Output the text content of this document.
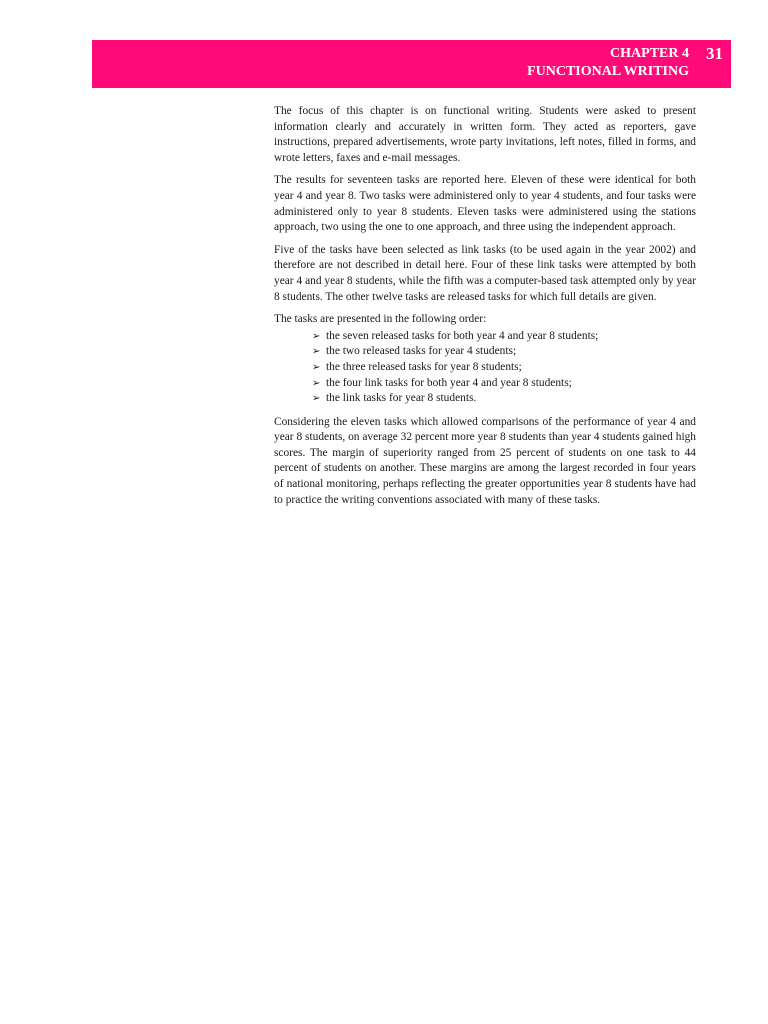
CHAPTER 4
FUNCTIONAL WRITING
31

The focus of this chapter is on functional writing. Students were asked to present information clearly and accurately in written form. They acted as reporters, gave instructions, prepared advertisements, wrote party invitations, left notes, filled in forms, and wrote letters, faxes and e-mail messages.

The results for seventeen tasks are reported here. Eleven of these were identical for both year 4 and year 8. Two tasks were administered only to year 4 students, and four tasks were administered only to year 8 students. Eleven tasks were administered using the stations approach, two using the one to one approach, and three using the independent approach.

Five of the tasks have been selected as link tasks (to be used again in the year 2002) and therefore are not described in detail here. Four of these link tasks were attempted by both year 4 and year 8 students, while the fifth was a computer-based task attempted only by year 8 students. The other twelve tasks are released tasks for which full details are given.

The tasks are presented in the following order:

➢ the seven released tasks for both year 4 and year 8 students;
➢ the two released tasks for year 4 students;
➢ the three released tasks for year 8 students;
➢ the four link tasks for both year 4 and year 8 students;
➢ the link tasks for year 8 students.

Considering the eleven tasks which allowed comparisons of the performance of year 4 and year 8 students, on average 32 percent more year 8 students than year 4 students gained high scores. The margin of superiority ranged from 25 percent of students on one task to 44 percent of students on another. These margins are among the largest recorded in four years of national monitoring, perhaps reflecting the greater opportunities year 8 students have had to practice the writing conventions associated with many of these tasks.
